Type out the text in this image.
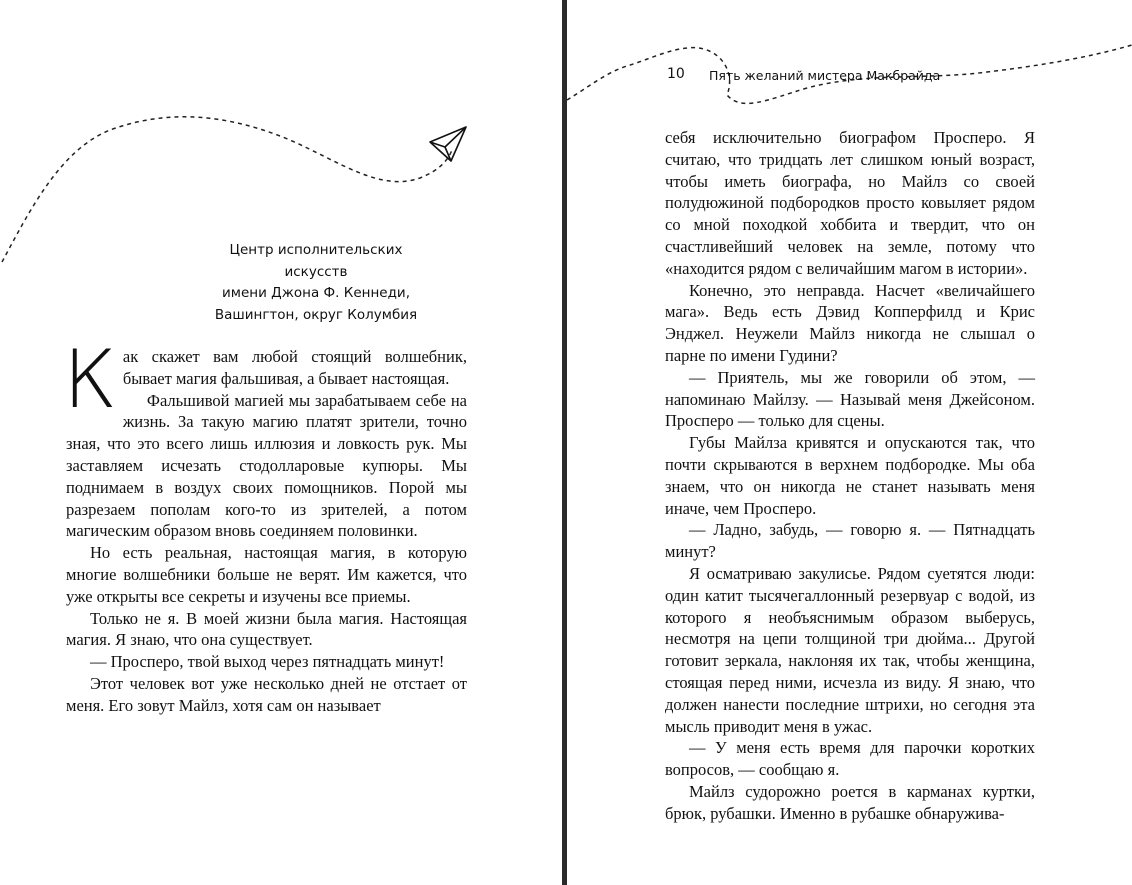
Центр исполнительских искусств
имени Джона Ф. Кеннеди,
Вашингтон, округ Колумбия

Как скажет вам любой стоящий волшебник, бывает магия фальшивая, а бывает настоящая.

Фальшивой магией мы зарабатываем себе на жизнь. За такую магию платят зрители, точно зная, что это всего лишь иллюзия и ловкость рук. Мы заставляем исчезать стодолларовые купюры. Мы поднимаем в воздух своих помощников. Порой мы разрезаем пополам кого-то из зрителей, а потом магическим образом вновь соединяем половинки.

Но есть реальная, настоящая магия, в которую многие волшебники больше не верят. Им кажется, что уже открыты все секреты и изучены все приемы.

Только не я. В моей жизни была магия. Настоящая магия. Я знаю, что она существует.

— Просперо, твой выход через пятнадцать минут!

Этот человек вот уже несколько дней не отстает от меня. Его зовут Майлз, хотя сам он называет

10 Пять желаний мистера Макбрайда

себя исключительно биографом Просперо. Я считаю, что тридцать лет слишком юный возраст, чтобы иметь биографа, но Майлз со своей полудюжиной подбородков просто ковыляет рядом со мной походкой хоббита и твердит, что он счастливейший человек на земле, потому что «находится рядом с величайшим магом в истории».

Конечно, это неправда. Насчет «величайшего мага». Ведь есть Дэвид Копперфилд и Крис Энджел. Неужели Майлз никогда не слышал о парне по имени Гудини?

— Приятель, мы же говорили об этом, — напоминаю Майлзу. — Называй меня Джейсоном. Просперо — только для сцены.

Губы Майлза кривятся и опускаются так, что почти скрываются в верхнем подбородке. Мы оба знаем, что он никогда не станет называть меня иначе, чем Просперо.

— Ладно, забудь, — говорю я. — Пятнадцать минут?

Я осматриваю закулисье. Рядом суетятся люди: один катит тысячегаллонный резервуар с водой, из которого я необъяснимым образом выберусь, несмотря на цепи толщиной три дюйма... Другой готовит зеркала, наклоняя их так, чтобы женщина, стоящая перед ними, исчезла из виду. Я знаю, что должен нанести последние штрихи, но сегодня эта мысль приводит меня в ужас.

— У меня есть время для парочки коротких вопросов, — сообщаю я.

Майлз судорожно роется в карманах куртки, брюк, рубашки. Именно в рубашке обнаружива-
